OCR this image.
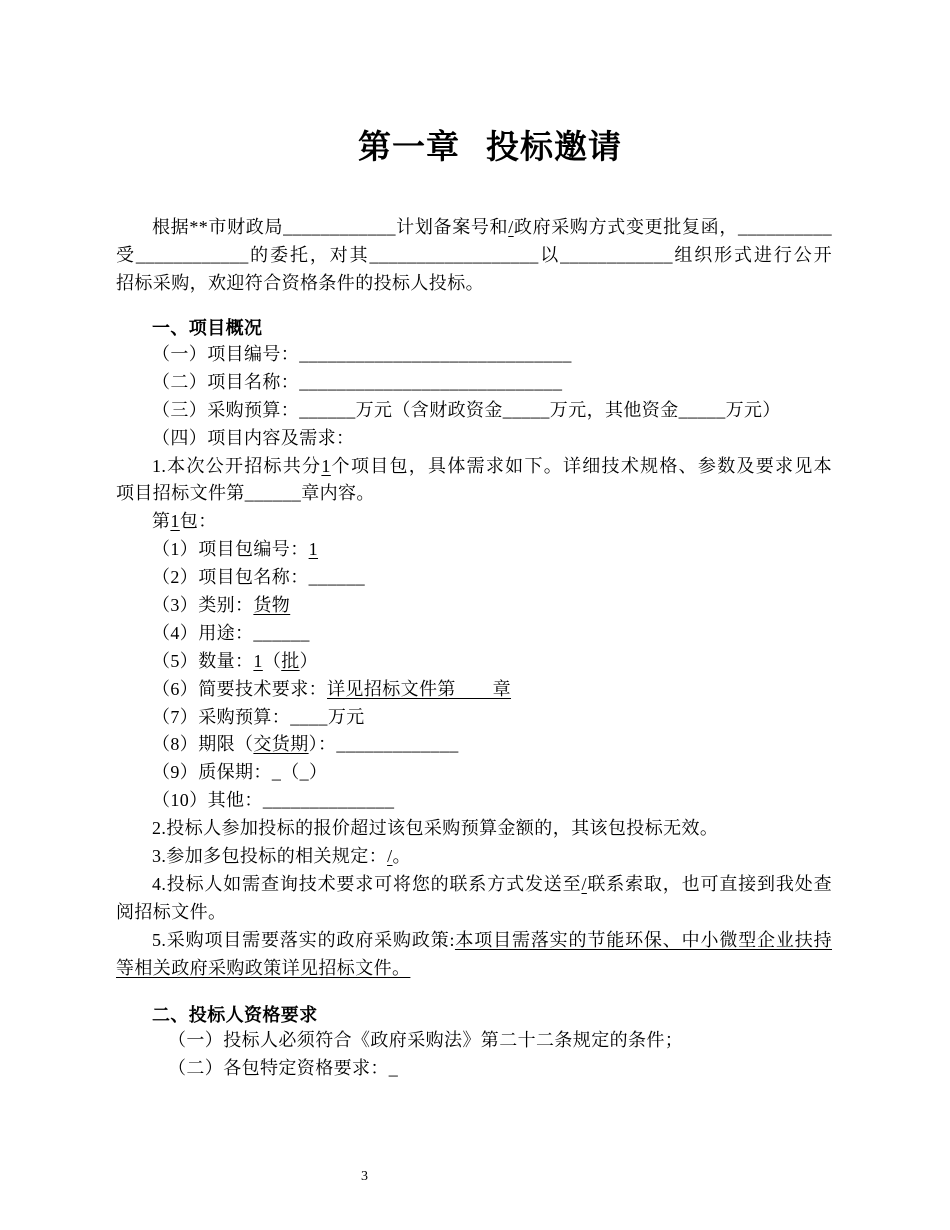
第一章 投标邀请
根据**市财政局____________计划备案号和/政府采购方式变更批复函，__________
受____________的委托，对其__________________以____________组织形式进行公开
招标采购，欢迎符合资格条件的投标人投标。
一、项目概况
（一）项目编号：_____________________________
（二）项目名称：____________________________
（三）采购预算：______万元（含财政资金_____万元，其他资金_____万元）
（四）项目内容及需求：
1.本次公开招标共分1个项目包，具体需求如下。详细技术规格、参数及要求见本
项目招标文件第______章内容。
第1包：
（1）项目包编号：1
（2）项目包名称：______
（3）类别：货物
（4）用途：______
（5）数量：1（批）
（6）简要技术要求：详见招标文件第　　章
（7）采购预算：____万元
（8）期限（交货期）：_____________
（9）质保期：_（_）
（10）其他：______________
2.投标人参加投标的报价超过该包采购预算金额的，其该包投标无效。
3.参加多包投标的相关规定：/。
4.投标人如需查询技术要求可将您的联系方式发送至/联系索取，也可直接到我处查
阅招标文件。
5.采购项目需要落实的政府采购政策:本项目需落实的节能环保、中小微型企业扶持
等相关政府采购政策详见招标文件。
二、投标人资格要求
（一）投标人必须符合《政府采购法》第二十二条规定的条件；
（二）各包特定资格要求：_
3
